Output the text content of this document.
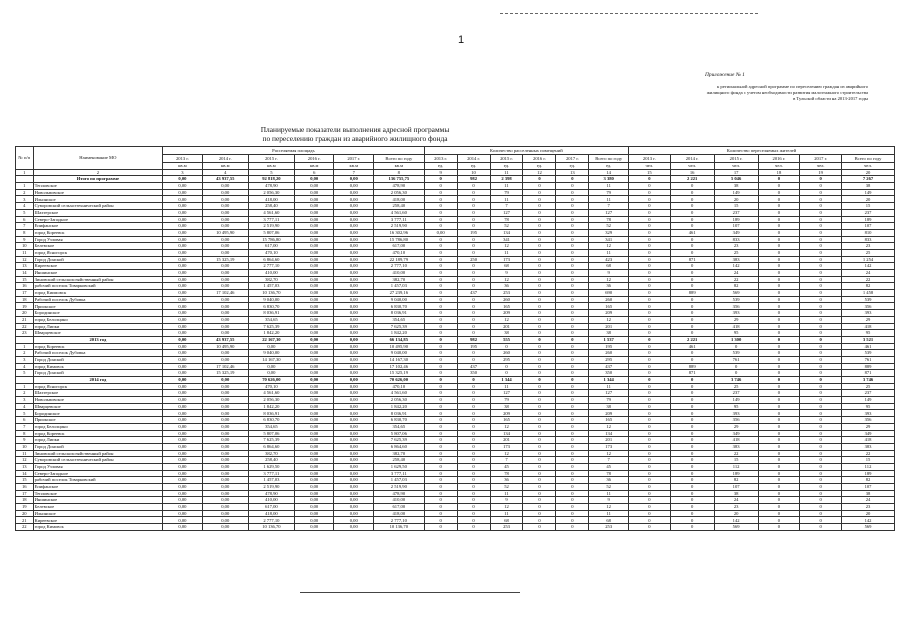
1
Приложение № 1
к региональной адресной программе по переселению граждан из аварийного
жилищного фонда с учетом необходимости развития малоэтажного строительства
в Тульской области на 2013-2017 годы
Планируемые показатели выполнения адресной программы
по переселению граждан из аварийного жилищного фонда
№ п/п	Наименование МО	Расселяемая площадь						Количество расселенных помещений						Количество переселяемых жителей					
		2013 г.	2014 г.	2015 г.	2016 г.	2017 г.	Всего по году	2013 г.	2014 г.	2015 г.	2016 г.	2017 г.	Всего по году	2013 г.	2014 г.	2015 г.	2016 г.	2017 г.	Всего по году
		кв.м	кв.м	кв.м	кв.м	кв.м	кв.м	ед.	ед.	ед.	ед.	ед.	ед.	чел.	чел.	чел.	чел.	чел.	чел.
1	2	3	4	5	6	7	8	9	10	11	12	13	14	15	16	17	18	19	20
	Итого по программе	0,00	43 937,55	92 818,20	0,00	0,00	136 755,75	0	982	2 398	0	0	3 380	0	2 221	5 046	0	0	7 267
1	Тепловское	0,00	0,00	478,90	0,00	0,00	478,90	0	0	11	0	0	11	0	0	38	0	0	38
2	Новольвовское	0,00	0,00	2 056,30	0,00	0,00	2 056,30	0	0	79	0	0	79	0	0	149	0	0	149
3	Ильинское	0,00	0,00	418,00	0,00	0,00	418,00	0	0	11	0	0	11	0	0	20	0	0	20
4	Суворовский сельхозтехнический район	0,00	0,00	258,40	0,00	0,00	258,40	0	0	7	0	0	7	0	0	15	0	0	15
5	Шахтерское	0,00	0,00	4 561,60	0,00	0,00	4 561,60	0	0	127	0	0	127	0	0	237	0	0	237
6	Северо-Западное	0,00	0,00	3 777,11	0,00	0,00	3 777,11	0	0	78	0	0	78	0	0	189	0	0	189
7	Епифанское	0,00	0,00	2 519,90	0,00	0,00	2 519,90	0	0	52	0	0	52	0	0	107	0	0	107
8	город Кореевск	0,00	10 495,90	5 807,06	0,00	0,00	16 302,96	0,00	195	134	0	0	329	0	461	349	0	0	810
9	Город Узловая	0,00	0,00	15 786,80	0,00	0,00	15 786,80	0	0	341	0	0	341	0	0	833	0	0	833
10	Белевское	0,00	0,00	617,00	0,00	0,00	617,00	0	0	12	0	0	12	0	0	23	0	0	23
11	город Ясногорск	0,00	0,00	470,10	0,00	0,00	470,10	0	0	11	0	0	11	0	0	25	0	0	25
12	Город Донской	0,00	15 325,19	6 864,60	0,00	0,00	22 189,79	0	250	173	0	0	423	0	871	383	0	0	1 254
13	Киреевское	0,00	0,00	2 777,10	0,00	0,00	2 777,10	0	0	68	0	0	68	0	0	142	0	0	142
14	Иншинское	0,00	0,00	410,00	0,00	0,00	410,00	0	0	9	0	0	9	0	0	24	0	0	24
15	Зиновский сельскохозяйственный район	0,00	0,00	382,70	0,00	0,00	382,70	0	0	12	0	0	12	0	0	22	0	0	22
16	рабочий поселок Товарковский	0,00	0,00	1 457,03	0,00	0,00	1 457,03	0	0	36	0	0	36	0	0	82	0	0	82
17	город Киимовск	0,00	17 102,46	10 136,70	0,00	0,00	27 239,16	0	437	253	0	0	690	0	889	569	0	0	1 458
18	Рабочий поселок Дубовка	0,00	0,00	9 040,00	0,00	0,00	9 040,00	0	0	260	0	0	260	0	0	539	0	0	539
19	Приокское	0,00	0,00	6 830,70	0,00	0,00	6 830,70	0	0	165	0	0	165	0	0	356	0	0	356
20	Бородинское	0,00	0,00	8 036,91	0,00	0,00	8 036,91	0	0	209	0	0	209	0	0	393	0	0	393
21	город Белолцино	0,00	0,00	354,65	0,00	0,00	354,65	0	0	12	0	0	12	0	0	29	0	0	29
22	город Липки	0,00	0,00	7 625,39	0,00	0,00	7 625,39	0	0	201	0	0	201	0	0	418	0	0	418
23	Шварцевское	0,00	0,00	1 842,20	0,00	0,00	1 842,20	0	0	38	0	0	38	0	0	95	0	0	95
	2013 год	0,00	43 937,55	22 167,30	0,00	0,00	66 134,85	0	982	555	0	0	1 537	0	2 221	1 300	0	0	3 521
1	город Кореевск	0,00	10 495,90	0,00	0,00	0,00	10 495,90	0	195	0	0	0	195	0	461	0	0	0	461
2	Рабочий поселок Дубовка	0,00	0,00	9 040,00	0,00	0,00	9 040,00	0	0	260	0	0	260	0	0	539	0	0	539
3	Город Донской	0,00	0,00	14 167,30	0,00	0,00	14 167,30	0	0	295	0	0	295	0	0	761	0	0	761
4	город Кимовск	0,00	17 102,46	0,00	0,00	0,00	17 102,46	0	437	0	0	0	437	0	889	0	0	0	889
5	Город Донской	0,00	15 325,19	0,00	0,00	0,00	15 325,19	0	350	0	0	0	350	0	871	0	0	0	871
	2014 год	0,00	0,00	70 626,00	0,00	0,00	70 626,00	0	0	1 344	0	0	1 344	0	0	3 746	0	0	3 746
1	город Ясногорск	0,00	0,00	470,10	0,00	0,00	470,10	0	0	11	0	0	11	0	0	25	0	0	25
2	Шахтерское	0,00	0,00	4 561,60	0,00	0,00	4 561,60	0	0	127	0	0	127	0	0	237	0	0	237
3	Новольвовское	0,00	0,00	2 056,30	0,00	0,00	2 056,30	0	0	79	0	0	79	0	0	149	0	0	149
4	Шварцевское	0,00	0,00	1 842,20	0,00	0,00	1 842,20	0	0	38	0	0	38	0	0	95	0	0	95
5	Бородинское	0,00	0,00	8 036,91	0,00	0,00	8 036,91	0	0	209	0	0	209	0	0	393	0	0	393
6	Приокское	0,00	0,00	6 830,70	0,00	0,00	6 830,70	0	0	165	0	0	165	0	0	356	0	0	356
7	город Белолцино	0,00	0,00	354,65	0,00	0,00	354,65	0	0	12	0	0	12	0	0	29	0	0	29
8	город Кореевск	0,00	0,00	5 807,06	0,00	0,00	5 807,06	0	0	134	0	0	134	0	0	349	0	0	349
9	город Липки	0,00	0,00	7 625,39	0,00	0,00	7 625,39	0	0	201	0	0	201	0	0	418	0	0	418
10	Город Донской	0,00	0,00	6 864,60	0,00	0,00	6 864,60	0	0	173	0	0	173	0	0	383	0	0	383
11	Зиновский сельскохозяйственный район	0,00	0,00	382,70	0,00	0,00	382,70	0	0	12	0	0	12	0	0	22	0	0	22
12	Суворовский сельхозтехнический район	0,00	0,00	258,40	0,00	0,00	258,40	0	0	7	0	0	7	0	0	15	0	0	15
13	Город Узловая	0,00	0,00	1 629,50	0,00	0,00	1 629,50	0	0	45	0	0	45	0	0	112	0	0	112
14	Северо-Западное	0,00	0,00	3 777,11	0,00	0,00	3 777,11	0	0	78	0	0	78	0	0	189	0	0	189
15	рабочий поселок Товарковский	0,00	0,00	1 457,03	0,00	0,00	1 457,03	0	0	36	0	0	36	0	0	82	0	0	82
16	Епифанское	0,00	0,00	2 519,90	0,00	0,00	2 519,90	0	0	52	0	0	52	0	0	107	0	0	107
17	Тепловское	0,00	0,00	478,90	0,00	0,00	478,90	0	0	11	0	0	11	0	0	38	0	0	38
18	Иншинское	0,00	0,00	410,00	0,00	0,00	410,00	0	0	9	0	0	9	0	0	24	0	0	24
19	Белевское	0,00	0,00	617,00	0,00	0,00	617,00	0	0	12	0	0	12	0	0	23	0	0	23
20	Ильинское	0,00	0,00	418,00	0,00	0,00	418,00	0	0	11	0	0	11	0	0	20	0	0	20
21	Киреевское	0,00	0,00	2 777,10	0,00	0,00	2 777,10	0	0	68	0	0	68	0	0	142	0	0	142
22	город Кимовск	0,00	0,00	10 136,70	0,00	0,00	10 136,70	0	0	253	0	0	253	0	0	569	0	0	569
